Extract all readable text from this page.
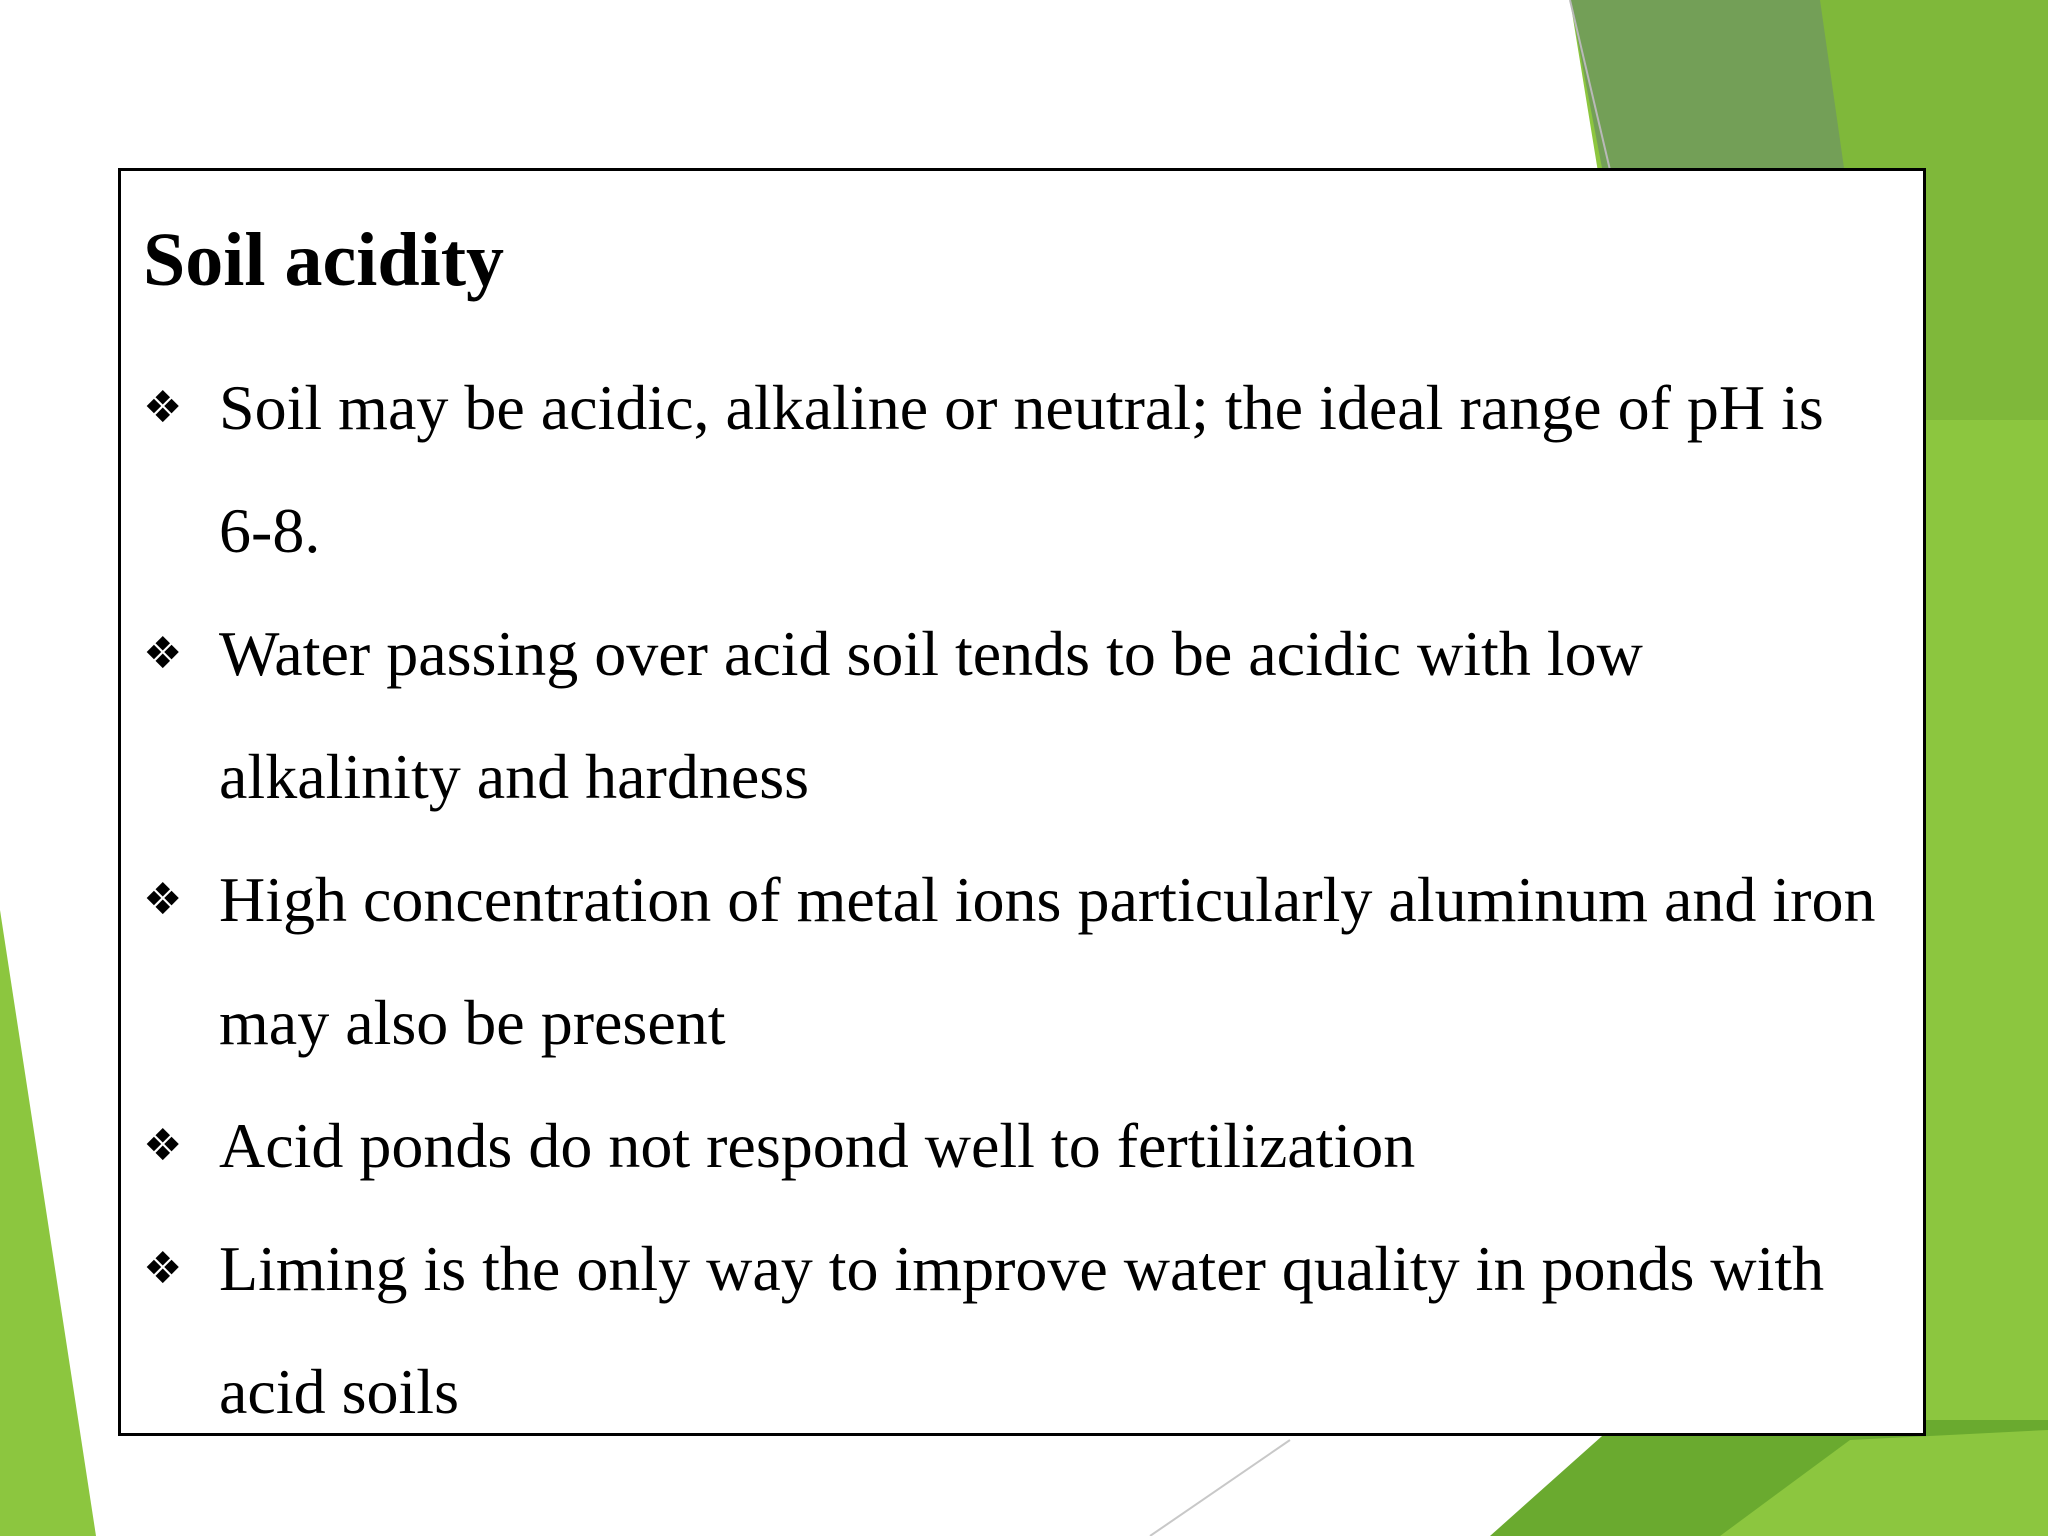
Soil acidity
❖ Soil may be acidic, alkaline or neutral; the ideal range of pH is 6-8.
❖ Water passing over acid soil tends to be acidic with low alkalinity and hardness
❖ High concentration of metal ions particularly aluminum and iron may also be present
❖ Acid ponds do not respond well to fertilization
❖ Liming is the only way to improve water quality in ponds with acid soils
